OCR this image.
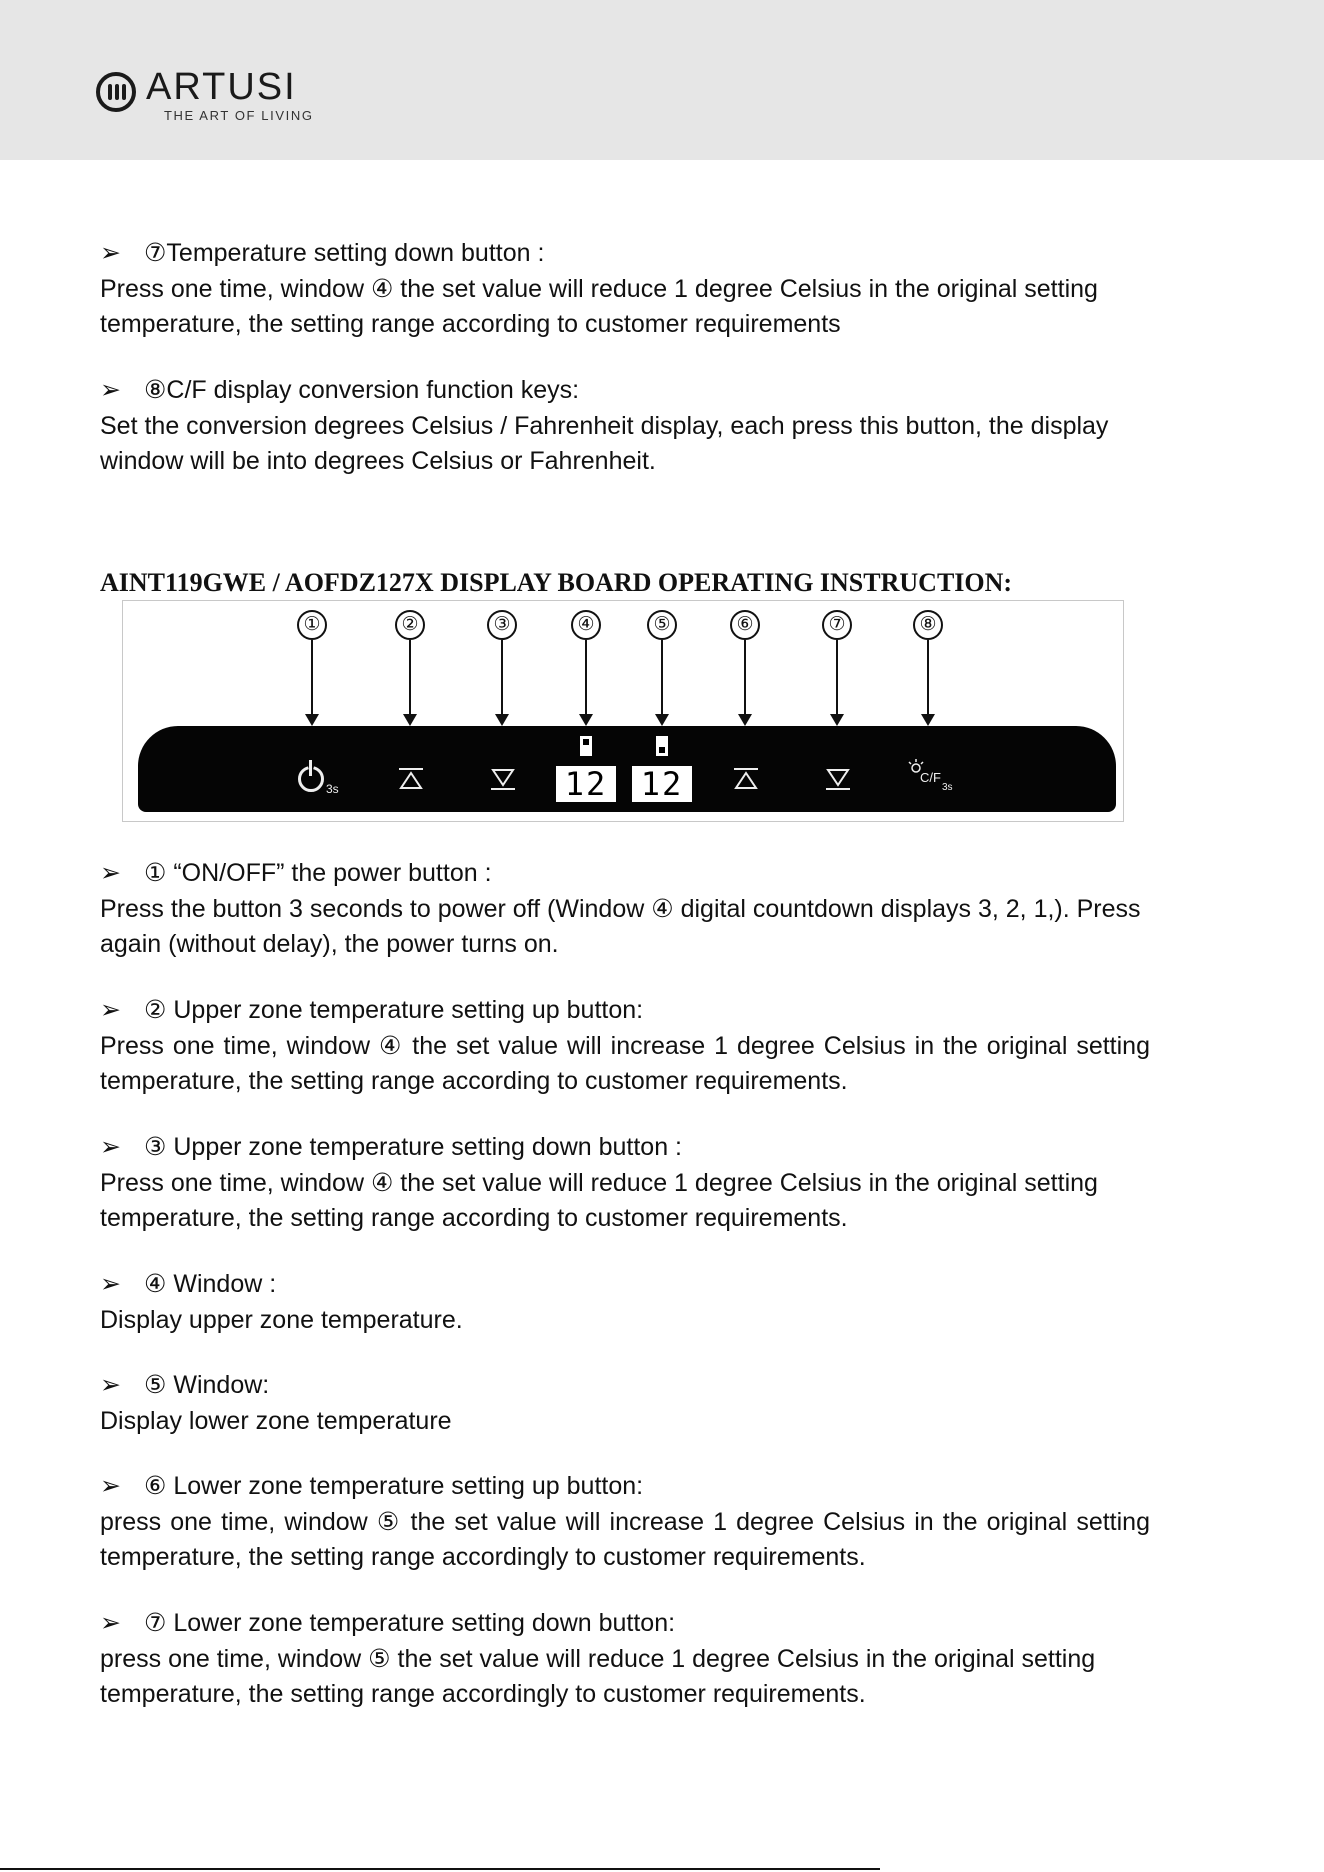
ARTUSI
THE ART OF LIVING
➢ ⑦Temperature setting down button :
Press one time, window ④ the set value will reduce 1 degree Celsius in the original setting temperature, the setting range according to customer requirements
➢ ⑧C/F display conversion function keys:
Set the conversion degrees Celsius / Fahrenheit display, each press this button, the display window will be into degrees Celsius or Fahrenheit.
AINT119GWE / AOFDZ127X DISPLAY BOARD OPERATING INSTRUCTION:
①	②	③	④	⑤	⑥	⑦	⑧
3s	12 12	C/F
3s
➢ ① “ON/OFF” the power button :
Press the button 3 seconds to power off (Window ④ digital countdown displays 3, 2, 1,). Press again (without delay), the power turns on.
➢ ② Upper zone temperature setting up button:
Press one time, window ④ the set value will increase 1 degree Celsius in the original setting temperature, the setting range according to customer requirements.
➢ ③ Upper zone temperature setting down button :
Press one time, window ④ the set value will reduce 1 degree Celsius in the original setting temperature, the setting range according to customer requirements.
➢ ④ Window :
Display upper zone temperature.
➢ ⑤ Window:
Display lower zone temperature
➢ ⑥ Lower zone temperature setting up button:
press one time, window ⑤ the set value will increase 1 degree Celsius in the original setting temperature, the setting range accordingly to customer requirements.
➢ ⑦ Lower zone temperature setting down button:
press one time, window ⑤ the set value will reduce 1 degree Celsius in the original setting temperature, the setting range accordingly to customer requirements.
